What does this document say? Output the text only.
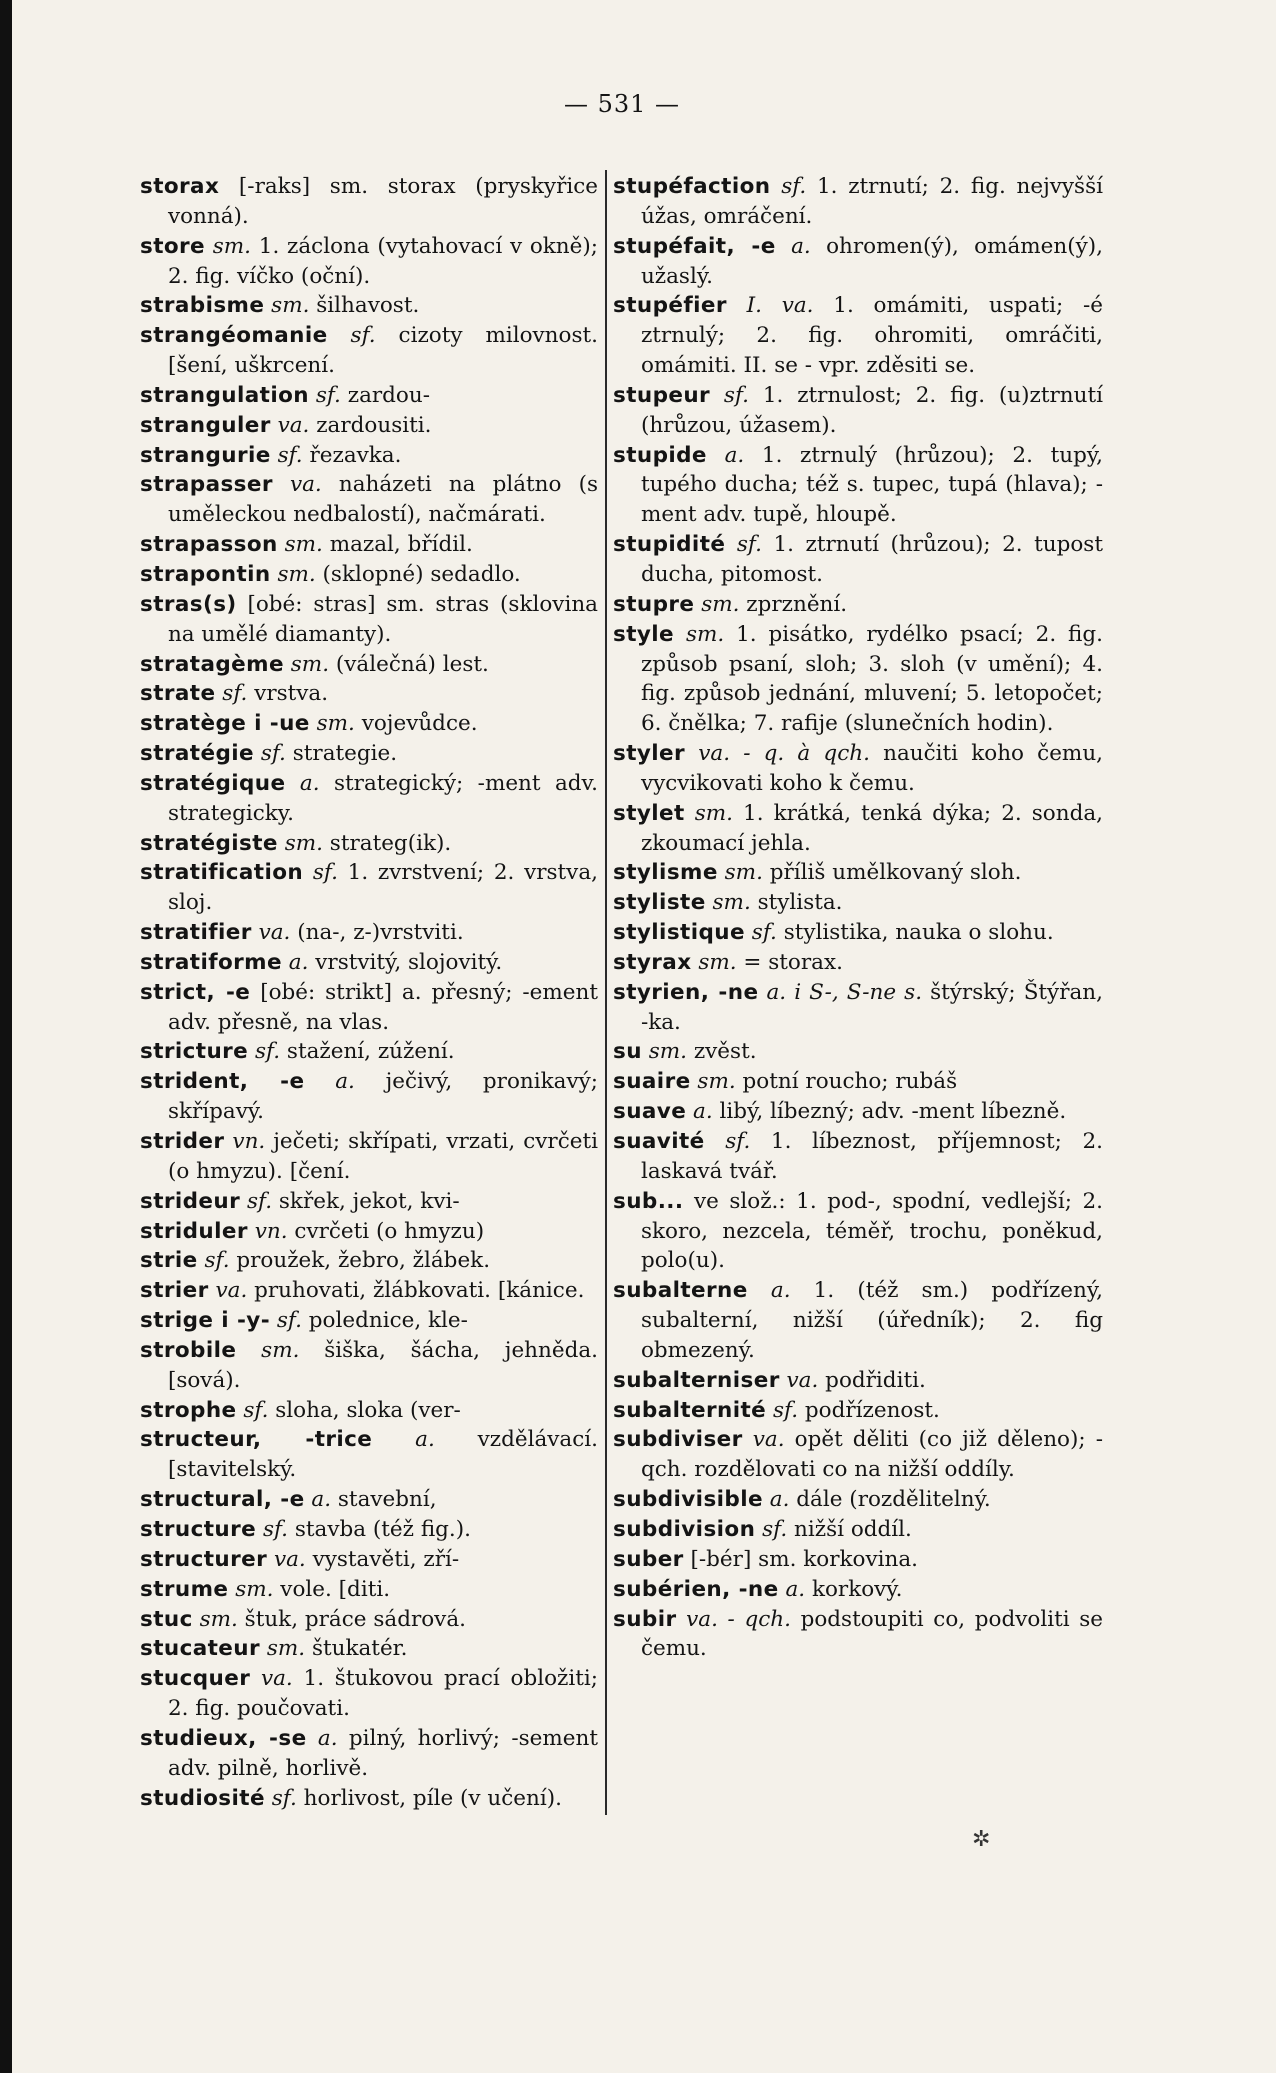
— 531 —
storax [-raks] sm. storax (pryskyřice vonná).
store sm. 1. záclona (vytahovací v okně); 2. fig. víčko (oční).
strabisme sm. šilhavost.
strangéomanie sf. cizoty milovnost. [šení, uškrcení.
strangulation sf. zardou-
stranguler va. zardousiti.
strangurie sf. řezavka.
strapasser va. naházeti na plátno (s uměleckou nedbalostí), načmárati.
strapasson sm. mazal, břídil.
strapontin sm. (sklopné) sedadlo.
stras(s) [obé: stras] sm. stras (sklovina na umělé diamanty).
stratagème sm. (válečná) lest.
strate sf. vrstva.
stratège i -ue sm. vojevůdce.
stratégie sf. strategie.
stratégique a. strategický; -ment adv. strategicky.
stratégiste sm. strateg(ik).
stratification sf. 1. zvrstvení; 2. vrstva, sloj.
stratifier va. (na-, z-)vrstviti.
stratiforme a. vrstvitý, slojovitý.
strict, -e [obé: strikt] a. přesný; -ement adv. přesně, na vlas.
stricture sf. stažení, zúžení.
strident, -e a. ječivý, pronikavý; skřípavý.
strider vn. ječeti; skřípati, vrzati, cvrčeti (o hmyzu). [čení.
strideur sf. skřek, jekot, kvi-
striduler vn. cvrčeti (o hmyzu)
strie sf. proužek, žebro, žlábek.
strier va. pruhovati, žlábkovati. [kánice.
strige i -y- sf. polednice, kle-
strobile sm. šiška, šácha, jehněda. [sová).
strophe sf. sloha, sloka (ver-
structeur, -trice a. vzdělávací. [stavitelský.
structural, -e a. stavební,
structure sf. stavba (též fig.).
structurer va. vystavěti, zří-
strume sm. vole. [diti.
stuc sm. štuk, práce sádrová.
stucateur sm. štukatér.
stucquer va. 1. štukovou prací obložiti; 2. fig. poučovati.
studieux, -se a. pilný, horlivý; -sement adv. pilně, horlivě.
studiosité sf. horlivost, píle (v učení).
stupéfaction sf. 1. ztrnutí; 2. fig. nejvyšší úžas, omráčení.
stupéfait, -e a. ohromen(ý), omámen(ý), užaslý.
stupéfier I. va. 1. omámiti, uspati; -é ztrnulý; 2. fig. ohromiti, omráčiti, omámiti. II. se - vpr. zděsiti se.
stupeur sf. 1. ztrnulost; 2. fig. (u)ztrnutí (hrůzou, úžasem).
stupide a. 1. ztrnulý (hrůzou); 2. tupý, tupého ducha; též s. tupec, tupá (hlava); -ment adv. tupě, hloupě.
stupidité sf. 1. ztrnutí (hrůzou); 2. tupost ducha, pitomost.
stupre sm. zprznění.
style sm. 1. pisátko, rydélko psací; 2. fig. způsob psaní, sloh; 3. sloh (v umění); 4. fig. způsob jednání, mluvení; 5. letopočet; 6. čnělka; 7. rafije (slunečních hodin).
styler va. - q. à qch. naučiti koho čemu, vycvikovati koho k čemu.
stylet sm. 1. krátká, tenká dýka; 2. sonda, zkoumací jehla.
stylisme sm. příliš umělkovaný sloh.
styliste sm. stylista.
stylistique sf. stylistika, nauka o slohu.
styrax sm. = storax.
styrien, -ne a. i S-, S-ne s. štýrský; Štýřan, -ka.
su sm. zvěst.
suaire sm. potní roucho; rubáš
suave a. libý, líbezný; adv. -ment líbezně.
suavité sf. 1. líbeznost, příjemnost; 2. laskavá tvář.
sub... ve slož.: 1. pod-, spodní, vedlejší; 2. skoro, nezcela, téměř, trochu, poněkud, polo(u).
subalterne a. 1. (též sm.) podřízený, subalterní, nižší (úředník); 2. fig obmezený.
subalterniser va. podřiditi.
subalternité sf. podřízenost.
subdiviser va. opět děliti (co již děleno); - qch. rozdělovati co na nižší oddíly.
subdivisible a. dále (rozdělitelný.
subdivision sf. nižší oddíl.
suber [-bér] sm. korkovina.
subérien, -ne a. korkový.
subir va. - qch. podstoupiti co, podvoliti se čemu.
✲
